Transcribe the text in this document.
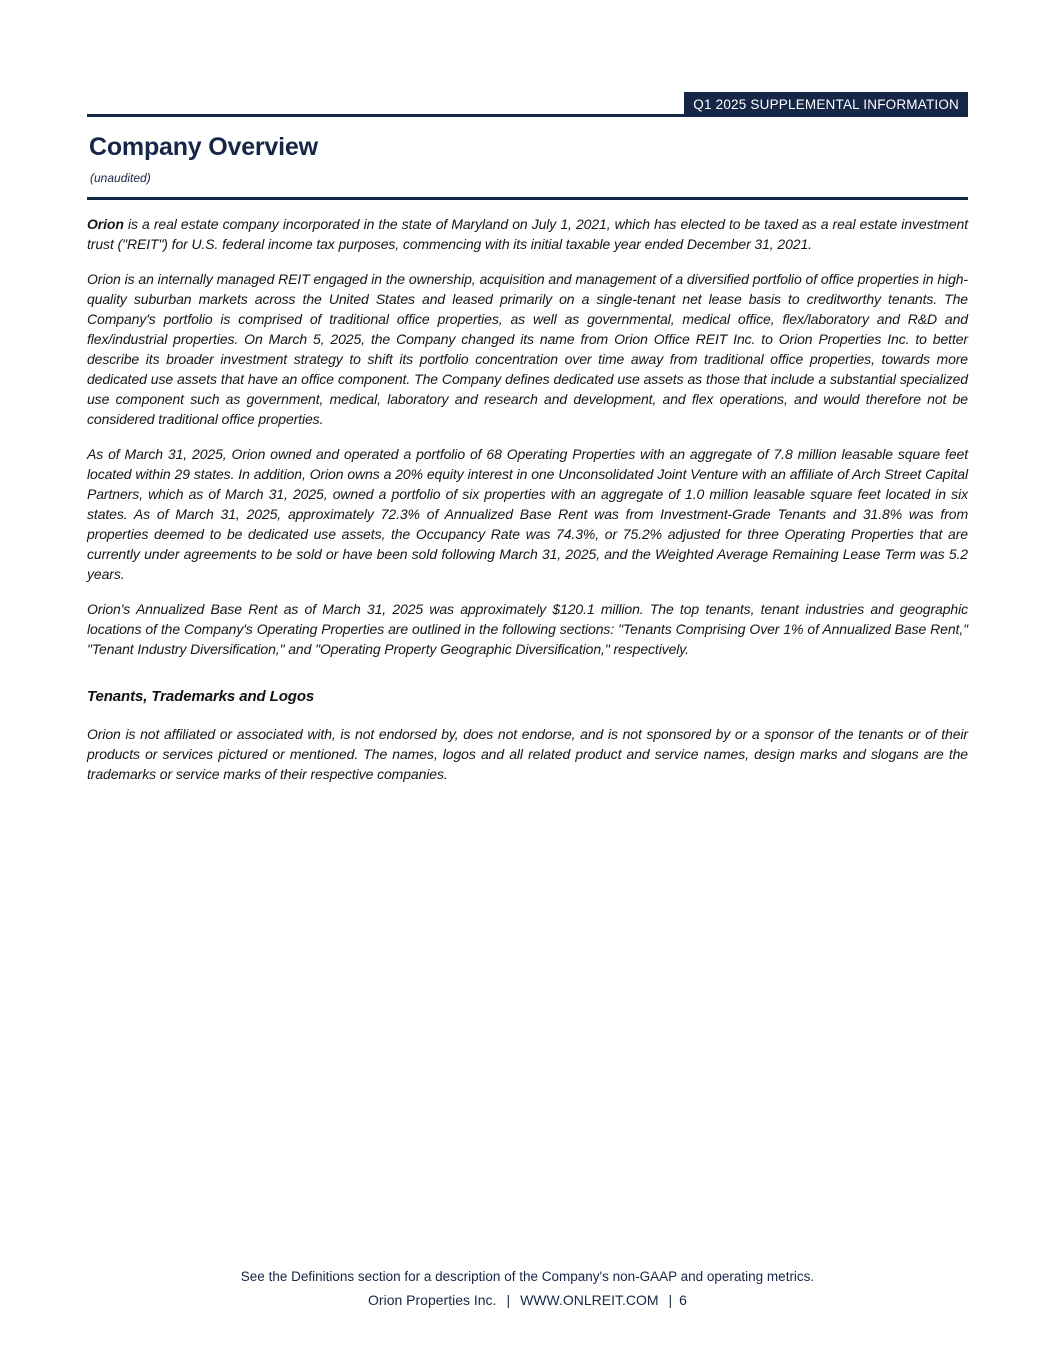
Q1 2025 SUPPLEMENTAL INFORMATION
Company Overview
(unaudited)

Orion is a real estate company incorporated in the state of Maryland on July 1, 2021, which has elected to be taxed as a real estate investment trust ("REIT") for U.S. federal income tax purposes, commencing with its initial taxable year ended December 31, 2021.

Orion is an internally managed REIT engaged in the ownership, acquisition and management of a diversified portfolio of office properties in high-quality suburban markets across the United States and leased primarily on a single-tenant net lease basis to creditworthy tenants. The Company's portfolio is comprised of traditional office properties, as well as governmental, medical office, flex/laboratory and R&D and flex/industrial properties. On March 5, 2025, the Company changed its name from Orion Office REIT Inc. to Orion Properties Inc. to better describe its broader investment strategy to shift its portfolio concentration over time away from traditional office properties, towards more dedicated use assets that have an office component. The Company defines dedicated use assets as those that include a substantial specialized use component such as government, medical, laboratory and research and development, and flex operations, and would therefore not be considered traditional office properties.

As of March 31, 2025, Orion owned and operated a portfolio of 68 Operating Properties with an aggregate of 7.8 million leasable square feet located within 29 states. In addition, Orion owns a 20% equity interest in one Unconsolidated Joint Venture with an affiliate of Arch Street Capital Partners, which as of March 31, 2025, owned a portfolio of six properties with an aggregate of 1.0 million leasable square feet located in six states. As of March 31, 2025, approximately 72.3% of Annualized Base Rent was from Investment-Grade Tenants and 31.8% was from properties deemed to be dedicated use assets, the Occupancy Rate was 74.3%, or 75.2% adjusted for three Operating Properties that are currently under agreements to be sold or have been sold following March 31, 2025, and the Weighted Average Remaining Lease Term was 5.2 years.

Orion's Annualized Base Rent as of March 31, 2025 was approximately $120.1 million. The top tenants, tenant industries and geographic locations of the Company's Operating Properties are outlined in the following sections: "Tenants Comprising Over 1% of Annualized Base Rent," "Tenant Industry Diversification," and "Operating Property Geographic Diversification," respectively.

Tenants, Trademarks and Logos

Orion is not affiliated or associated with, is not endorsed by, does not endorse, and is not sponsored by or a sponsor of the tenants or of their products or services pictured or mentioned. The names, logos and all related product and service names, design marks and slogans are the trademarks or service marks of their respective companies.

See the Definitions section for a description of the Company's non-GAAP and operating metrics.
Orion Properties Inc. | WWW.ONLREIT.COM | 6
